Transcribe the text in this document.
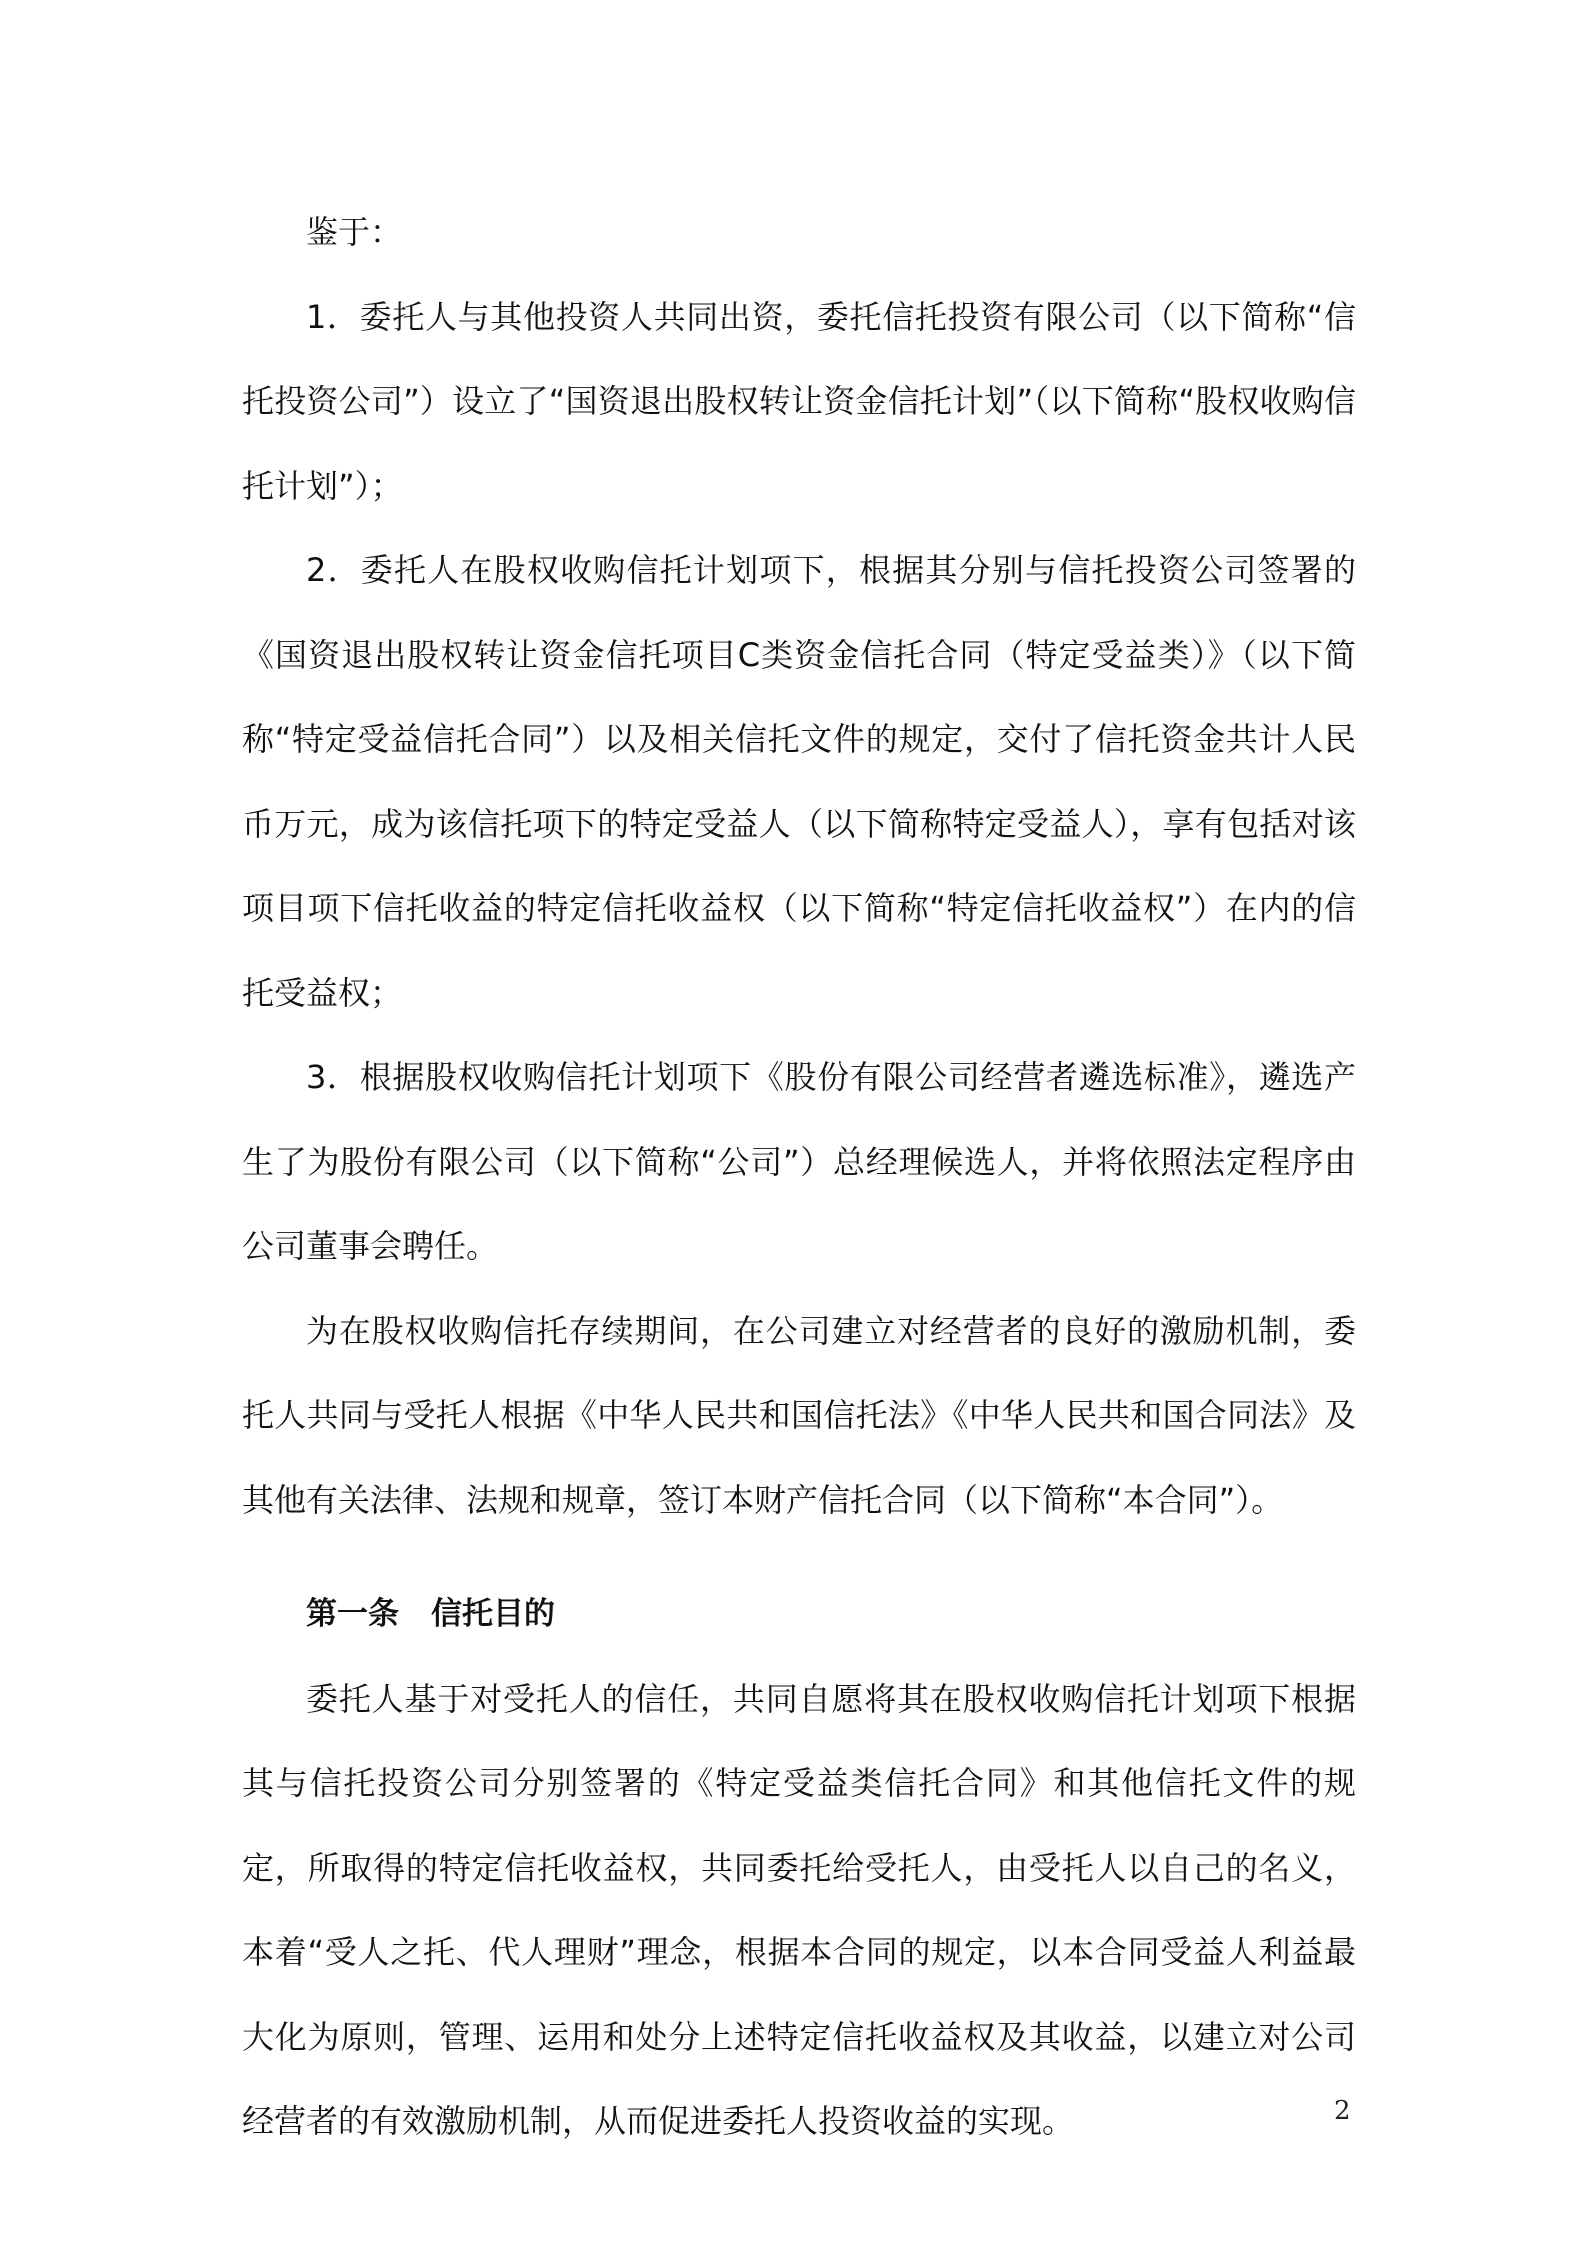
鉴于：

1．委托人与其他投资人共同出资，委托信托投资有限公司（以下简称“信托投资公司”）设立了“国资退出股权转让资金信托计划”（以下简称“股权收购信托计划”）；

2．委托人在股权收购信托计划项下，根据其分别与信托投资公司签署的《国资退出股权转让资金信托项目C类资金信托合同（特定受益类）》（以下简称“特定受益信托合同”）以及相关信托文件的规定，交付了信托资金共计人民币万元，成为该信托项下的特定受益人（以下简称特定受益人），享有包括对该项目项下信托收益的特定信托收益权（以下简称“特定信托收益权”）在内的信托受益权；

3．根据股权收购信托计划项下《股份有限公司经营者遴选标准》，遴选产生了为股份有限公司（以下简称“公司”）总经理候选人，并将依照法定程序由公司董事会聘任。

为在股权收购信托存续期间，在公司建立对经营者的良好的激励机制，委托人共同与受托人根据《中华人民共和国信托法》《中华人民共和国合同法》及其他有关法律、法规和规章，签订本财产信托合同（以下简称“本合同”）。

第一条 信托目的

委托人基于对受托人的信任，共同自愿将其在股权收购信托计划项下根据其与信托投资公司分别签署的《特定受益类信托合同》和其他信托文件的规定，所取得的特定信托收益权，共同委托给受托人，由受托人以自己的名义，本着“受人之托、代人理财”理念，根据本合同的规定，以本合同受益人利益最大化为原则，管理、运用和处分上述特定信托收益权及其收益，以建立对公司经营者的有效激励机制，从而促进委托人投资收益的实现。	2
